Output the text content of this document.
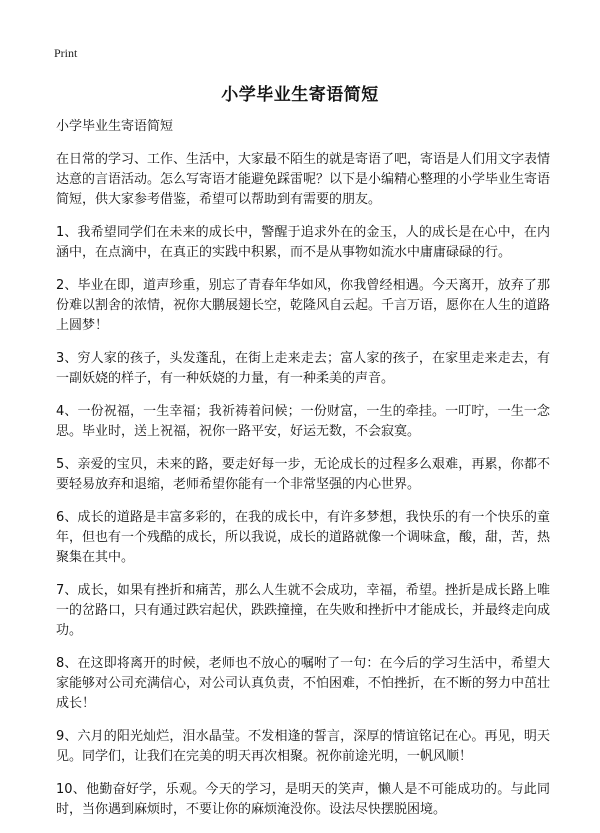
Print
小学毕业生寄语简短

小学毕业生寄语简短

在日常的学习、工作、生活中，大家最不陌生的就是寄语了吧，寄语是人们用文字表情达意的言语活动。怎么写寄语才能避免踩雷呢？以下是小编精心整理的小学毕业生寄语简短，供大家参考借鉴，希望可以帮助到有需要的朋友。

1、我希望同学们在未来的成长中，警醒于追求外在的金玉，人的成长是在心中，在内涵中，在点滴中，在真正的实践中积累，而不是从事物如流水中庸庸碌碌的行。

2、毕业在即，道声珍重，别忘了青春年华如风，你我曾经相遇。今天离开，放弃了那份难以割舍的浓情，祝你大鹏展翅长空，乾隆风自云起。千言万语，愿你在人生的道路上圆梦！

3、穷人家的孩子，头发蓬乱，在街上走来走去；富人家的孩子，在家里走来走去，有一副妖娆的样子，有一种妖娆的力量，有一种柔美的声音。

4、一份祝福，一生幸福；我祈祷着问候；一份财富，一生的牵挂。一叮咛，一生一念思。毕业时，送上祝福，祝你一路平安，好运无数，不会寂寞。

5、亲爱的宝贝，未来的路，要走好每一步，无论成长的过程多么艰难，再累，你都不要轻易放弃和退缩，老师希望你能有一个非常坚强的内心世界。

6、成长的道路是丰富多彩的，在我的成长中，有许多梦想，我快乐的有一个快乐的童年，但也有一个残酷的成长，所以我说，成长的道路就像一个调味盒，酸，甜，苦，热聚集在其中。

7、成长，如果有挫折和痛苦，那么人生就不会成功，幸福，希望。挫折是成长路上唯一的岔路口，只有通过跌宕起伏，跌跌撞撞，在失败和挫折中才能成长，并最终走向成功。

8、在这即将离开的时候，老师也不放心的嘱咐了一句：在今后的学习生活中，希望大家能够对公司充满信心，对公司认真负责，不怕困难，不怕挫折，在不断的努力中茁壮成长！

9、六月的阳光灿烂，泪水晶莹。不发相逢的誓言，深厚的情谊铭记在心。再见，明天见。同学们，让我们在完美的明天再次相聚。祝你前途光明，一帆风顺！

10、他勤奋好学，乐观。今天的学习，是明天的笑声，懒人是不可能成功的。与此同时，当你遇到麻烦时，不要让你的麻烦淹没你。设法尽快摆脱困境。
